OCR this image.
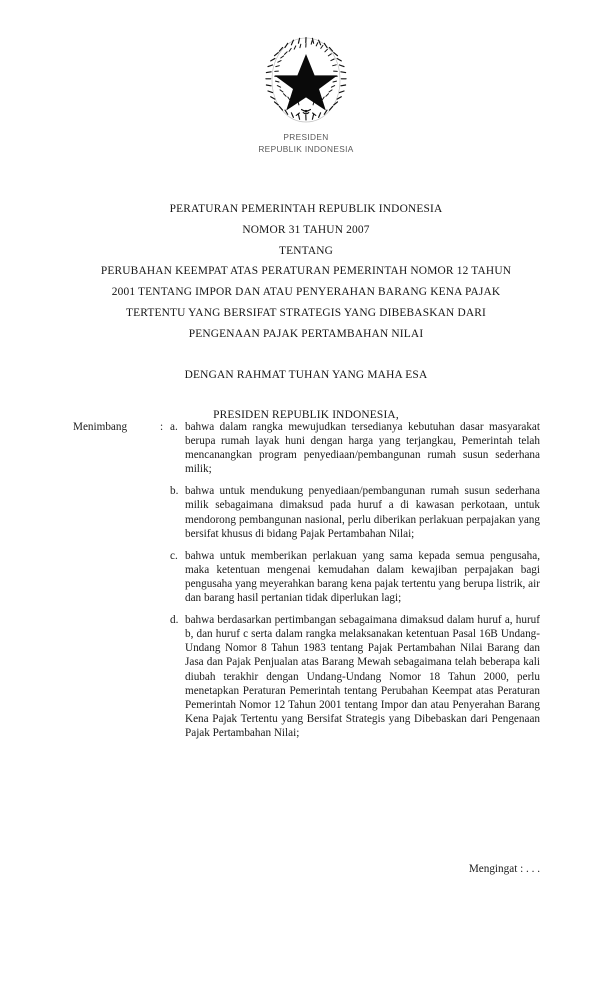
PRESIDEN
REPUBLIK INDONESIA
PERATURAN PEMERINTAH REPUBLIK INDONESIA
NOMOR 31 TAHUN 2007
TENTANG
PERUBAHAN KEEMPAT ATAS PERATURAN PEMERINTAH NOMOR 12 TAHUN
2001 TENTANG IMPOR DAN ATAU PENYERAHAN BARANG KENA PAJAK
TERTENTU YANG BERSIFAT STRATEGIS YANG DIBEBASKAN DARI
PENGENAAN PAJAK PERTAMBAHAN NILAI
DENGAN RAHMAT TUHAN YANG MAHA ESA
PRESIDEN REPUBLIK INDONESIA,
Menimbang	: a. bahwa dalam rangka mewujudkan tersedianya kebutuhan dasar masyarakat berupa rumah layak huni dengan harga yang terjangkau, Pemerintah telah mencanangkan program penyediaan/pembangunan rumah susun sederhana milik;
b. bahwa untuk mendukung penyediaan/pembangunan rumah susun sederhana milik sebagaimana dimaksud pada huruf a di kawasan perkotaan, untuk mendorong pembangunan nasional, perlu diberikan perlakuan perpajakan yang bersifat khusus di bidang Pajak Pertambahan Nilai;
c. bahwa untuk memberikan perlakuan yang sama kepada semua pengusaha, maka ketentuan mengenai kemudahan dalam kewajiban perpajakan bagi pengusaha yang meyerahkan barang kena pajak tertentu yang berupa listrik, air dan barang hasil pertanian tidak diperlukan lagi;
d. bahwa berdasarkan pertimbangan sebagaimana dimaksud dalam huruf a, huruf b, dan huruf c serta dalam rangka melaksanakan ketentuan Pasal 16B Undang-Undang Nomor 8 Tahun 1983 tentang Pajak Pertambahan Nilai Barang dan Jasa dan Pajak Penjualan atas Barang Mewah sebagaimana telah beberapa kali diubah terakhir dengan Undang-Undang Nomor 18 Tahun 2000, perlu menetapkan Peraturan Pemerintah tentang Perubahan Keempat atas Peraturan Pemerintah Nomor 12 Tahun 2001 tentang Impor dan atau Penyerahan Barang Kena Pajak Tertentu yang Bersifat Strategis yang Dibebaskan dari Pengenaan Pajak Pertambahan Nilai;
Mengingat : . . .
